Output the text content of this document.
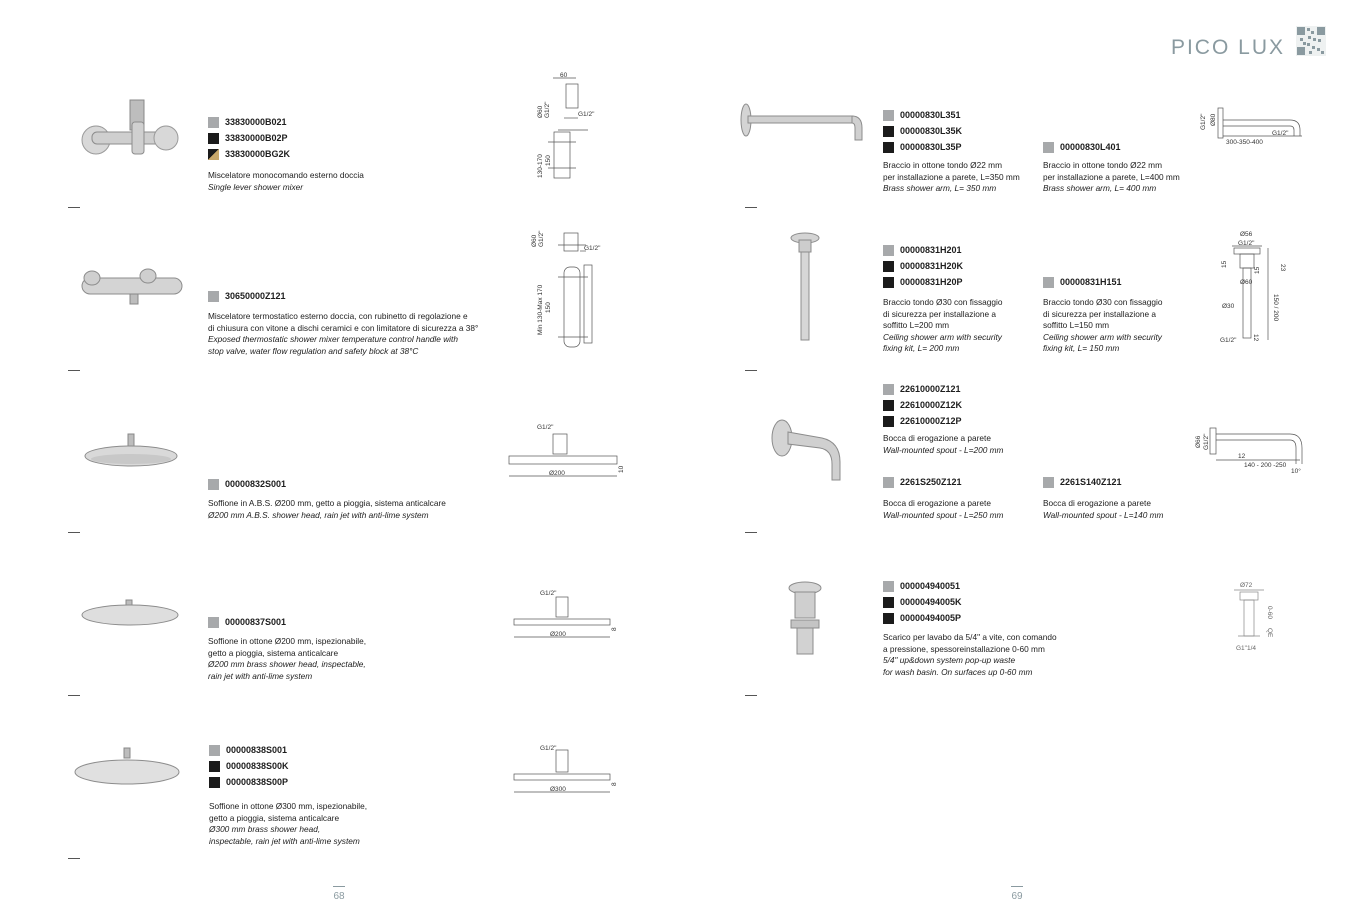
PICO LUX
33830000B021
33830000B02P
33830000BG2K
Miscelatore monocomando esterno doccia
Single lever shower mixer
60
Ø60 G1/2"	G1/2"
130-170 150
30650000Z121
Miscelatore termostatico esterno doccia, con rubinetto di regolazione e
di chiusura con vitone a dischi ceramici e con limitatore di sicurezza a 38°
Exposed thermostatic shower mixer temperature control handle with
stop valve, water flow regulation and safety block at 38°C
Ø60 G1/2"
G1/2"
Min 130-Max 170 150
00000832S001
Soffione in A.B.S. Ø200 mm, getto a pioggia, sistema anticalcare
Ø200 mm A.B.S. shower head, rain jet with anti-lime system
G1/2"
Ø200
10
00000837S001
Soffione in ottone Ø200 mm, ispezionabile,
getto a pioggia, sistema anticalcare
Ø200 mm brass shower head, inspectable,
rain jet with anti-lime system
G1/2"
Ø200
8
00000838S001
00000838S00K
00000838S00P
Soffione in ottone Ø300 mm, ispezionabile,
getto a pioggia, sistema anticalcare
Ø300 mm brass shower head,
inspectable, rain jet with anti-lime system
G1/2"
Ø300
8
68
00000830L351
00000830L35K
00000830L35P	00000830L401
Braccio in ottone tondo Ø22 mm
per installazione a parete, L=350 mm
Brass shower arm, L= 350 mm
Braccio in ottone tondo Ø22 mm
per installazione a parete, L=400 mm
Brass shower arm, L= 400 mm
G1/2" Ø80
G1/2"
300-350-400
00000831H201
00000831H20K
00000831H20P	00000831H151
Braccio tondo Ø30 con fissaggio
di sicurezza per installazione a
soffitto L=200 mm
Ceiling shower arm with security
fixing kit, L= 200 mm
Braccio tondo Ø30 con fissaggio
di sicurezza per installazione a
soffitto L=150 mm
Ceiling shower arm with security
fixing kit, L= 150 mm
Ø56
G1/2"
23
15
15
Ø60
Ø30	150 / 200
12
G1/2"
22610000Z121
22610000Z12K
22610000Z12P
Bocca di erogazione a parete
Wall-mounted spout - L=200 mm
2261S250Z121	2261S140Z121
Bocca di erogazione a parete
Wall-mounted spout - L=250 mm
Bocca di erogazione a parete
Wall-mounted spout - L=140 mm
Ø66 G1/2"
12
140 - 200 -250
10°
000004940051
00000494005K
00000494005P
Scarico per lavabo da 5/4" a vite, con comando
a pressione, spessoreinstallazione 0-60 mm
5/4" up&down system pop-up waste
for wash basin. On surfaces up 0-60 mm
Ø72
0-60
QЕ
G1"1/4
69
